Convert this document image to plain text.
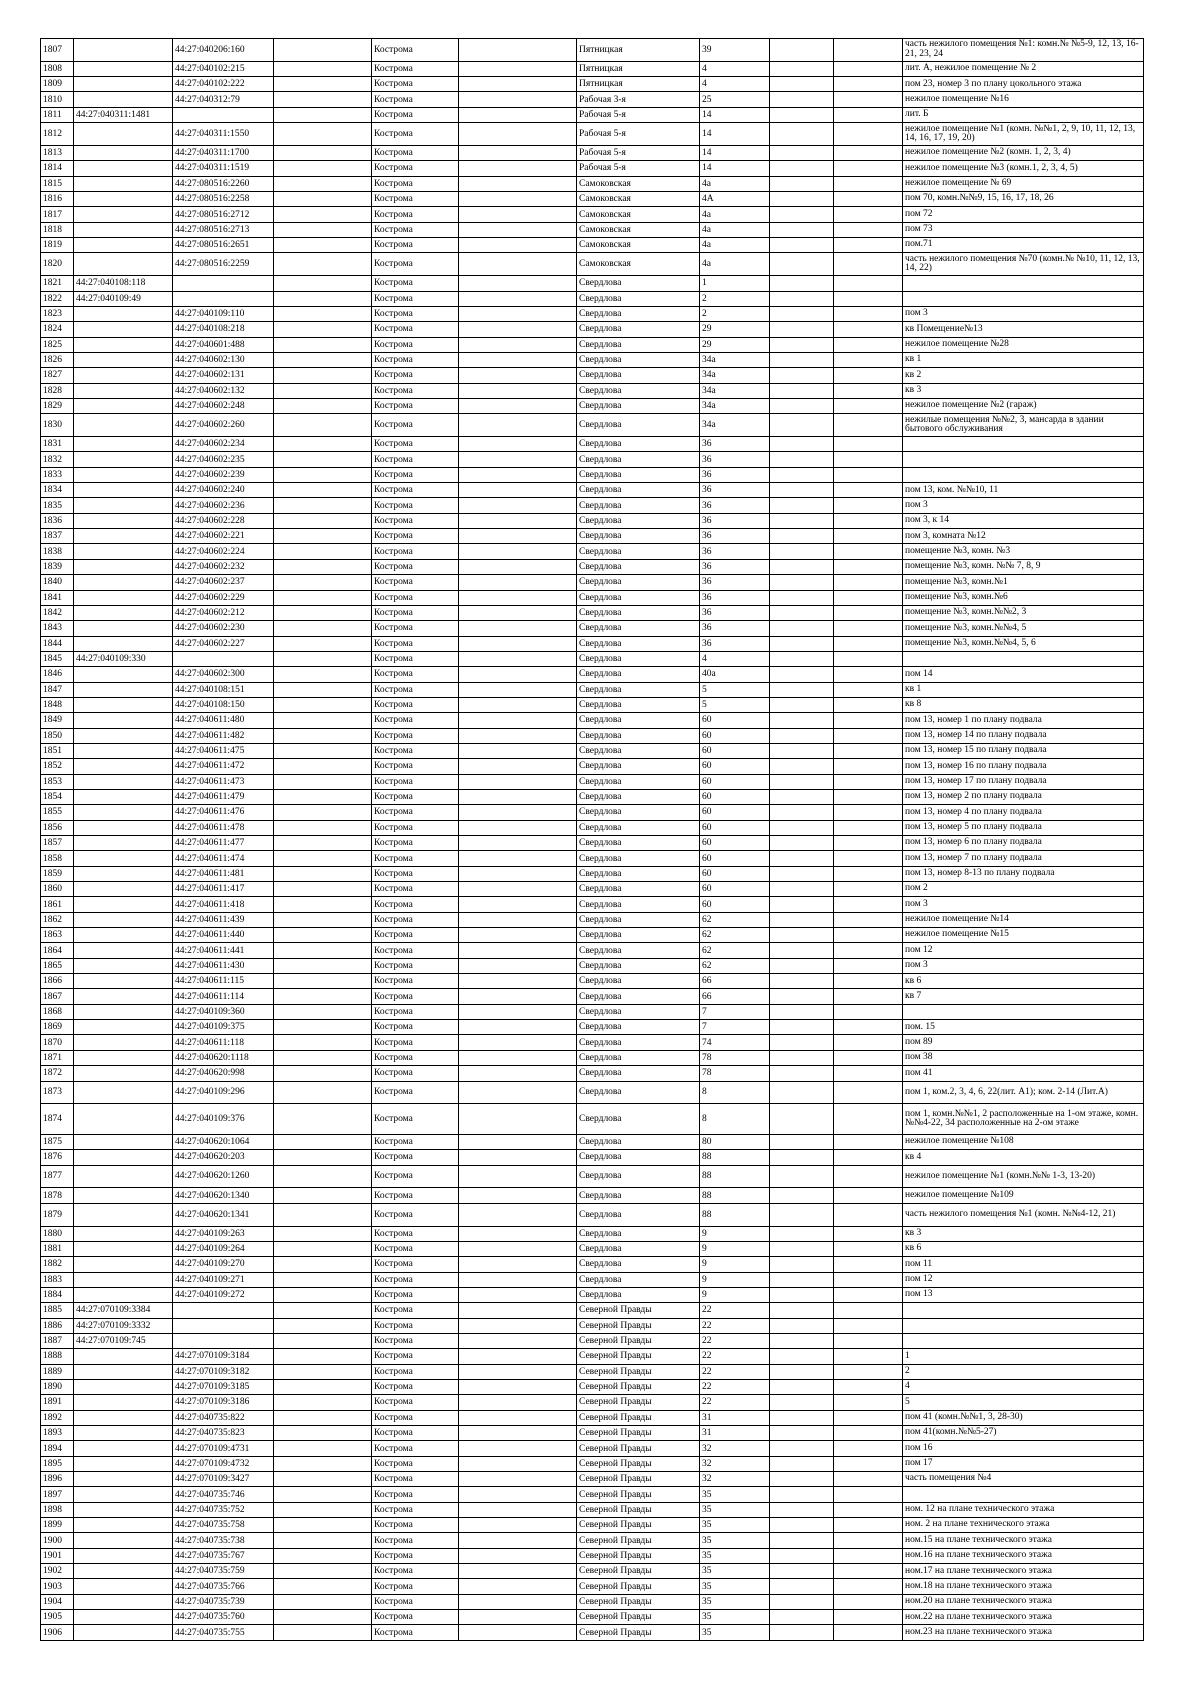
1807		44:27:040206:160		Кострома		Пятницкая	39			часть нежилого помещения №1: комн.№ №5-9, 12, 13, 16-21, 23, 24
1808		44:27:040102:215		Кострома		Пятницкая	4			лит. А, нежилое помещение № 2
1809		44:27:040102:222		Кострома		Пятницкая	4			пом 23, номер 3 по плану цокольного этажа
1810		44:27:040312:79		Кострома		Рабочая 3-я	25			нежилое помещение №16
1811	44:27:040311:1481			Кострома		Рабочая 5-я	14			лит. Б
1812		44:27:040311:1550		Кострома		Рабочая 5-я	14			нежилое помещение №1 (комн. №№1, 2, 9, 10, 11, 12, 13, 14, 16, 17, 19, 20)
1813		44:27:040311:1700		Кострома		Рабочая 5-я	14			нежилое помещение №2 (комн. 1, 2, 3, 4)
1814		44:27:040311:1519		Кострома		Рабочая 5-я	14			нежилое помещение №3 (комн.1, 2, 3, 4, 5)
1815		44:27:080516:2260		Кострома		Самоковская	4а			нежилое помещение № 69
1816		44:27:080516:2258		Кострома		Самоковская	4А			пом 70, комн.№№9, 15, 16, 17, 18, 26
1817		44:27:080516:2712		Кострома		Самоковская	4а			пом 72
1818		44:27:080516:2713		Кострома		Самоковская	4а			пом 73
1819		44:27:080516:2651		Кострома		Самоковская	4а			пом.71
1820		44:27:080516:2259		Кострома		Самоковская	4а			часть нежилого помещения №70 (комн.№ №10, 11, 12, 13, 14, 22)
1821	44:27:040108:118			Кострома		Свердлова	1			
1822	44:27:040109:49			Кострома		Свердлова	2			
1823		44:27:040109:110		Кострома		Свердлова	2			пом 3
1824		44:27:040108:218		Кострома		Свердлова	29			кв Помещение№13
1825		44:27:040601:488		Кострома		Свердлова	29			нежилое помещение №28
1826		44:27:040602:130		Кострома		Свердлова	34а			кв 1
1827		44:27:040602:131		Кострома		Свердлова	34а			кв 2
1828		44:27:040602:132		Кострома		Свердлова	34а			кв 3
1829		44:27:040602:248		Кострома		Свердлова	34а			нежилое помещение №2 (гараж)
1830		44:27:040602:260		Кострома		Свердлова	34а			нежилые помещения №№2, 3, мансарда в здании бытового обслуживания
1831		44:27:040602:234		Кострома		Свердлова	36			
1832		44:27:040602:235		Кострома		Свердлова	36			
1833		44:27:040602:239		Кострома		Свердлова	36			
1834		44:27:040602:240		Кострома		Свердлова	36			пом 13, ком. №№10, 11
1835		44:27:040602:236		Кострома		Свердлова	36			пом 3
1836		44:27:040602:228		Кострома		Свердлова	36			пом 3, к 14
1837		44:27:040602:221		Кострома		Свердлова	36			пом 3, комната №12
1838		44:27:040602:224		Кострома		Свердлова	36			помещение №3, комн. №3
1839		44:27:040602:232		Кострома		Свердлова	36			помещение №3, комн. №№ 7, 8, 9
1840		44:27:040602:237		Кострома		Свердлова	36			помещение №3, комн.№1
1841		44:27:040602:229		Кострома		Свердлова	36			помещение №3, комн.№6
1842		44:27:040602:212		Кострома		Свердлова	36			помещение №3, комн.№№2, 3
1843		44:27:040602:230		Кострома		Свердлова	36			помещение №3, комн.№№4, 5
1844		44:27:040602:227		Кострома		Свердлова	36			помещение №3, комн.№№4, 5, 6
1845	44:27:040109:330			Кострома		Свердлова	4			
1846		44:27:040602:300		Кострома		Свердлова	40а			пом 14
1847		44:27:040108:151		Кострома		Свердлова	5			кв 1
1848		44:27:040108:150		Кострома		Свердлова	5			кв 8
1849		44:27:040611:480		Кострома		Свердлова	60			пом 13, номер 1 по плану подвала
1850		44:27:040611:482		Кострома		Свердлова	60			пом 13, номер 14 по плану подвала
1851		44:27:040611:475		Кострома		Свердлова	60			пом 13, номер 15 по плану подвала
1852		44:27:040611:472		Кострома		Свердлова	60			пом 13, номер 16 по плану подвала
1853		44:27:040611:473		Кострома		Свердлова	60			пом 13, номер 17 по плану подвала
1854		44:27:040611:479		Кострома		Свердлова	60			пом 13, номер 2 по плану подвала
1855		44:27:040611:476		Кострома		Свердлова	60			пом 13, номер 4 по плану подвала
1856		44:27:040611:478		Кострома		Свердлова	60			пом 13, номер 5 по плану подвала
1857		44:27:040611:477		Кострома		Свердлова	60			пом 13, номер 6 по плану подвала
1858		44:27:040611:474		Кострома		Свердлова	60			пом 13, номер 7 по плану подвала
1859		44:27:040611:481		Кострома		Свердлова	60			пом 13, номер 8-13 по плану подвала
1860		44:27:040611:417		Кострома		Свердлова	60			пом 2
1861		44:27:040611:418		Кострома		Свердлова	60			пом 3
1862		44:27:040611:439		Кострома		Свердлова	62			нежилое помещение №14
1863		44:27:040611:440		Кострома		Свердлова	62			нежилое помещение №15
1864		44:27:040611:441		Кострома		Свердлова	62			пом 12
1865		44:27:040611:430		Кострома		Свердлова	62			пом 3
1866		44:27:040611:115		Кострома		Свердлова	66			кв 6
1867		44:27:040611:114		Кострома		Свердлова	66			кв 7
1868		44:27:040109:360		Кострома		Свердлова	7			
1869		44:27:040109:375		Кострома		Свердлова	7			пом. 15
1870		44:27:040611:118		Кострома		Свердлова	74			пом 89
1871		44:27:040620:1118		Кострома		Свердлова	78			пом 38
1872		44:27:040620:998		Кострома		Свердлова	78			пом 41
1873		44:27:040109:296		Кострома		Свердлова	8			пом 1, ком.2, 3, 4, 6, 22(лит. А1); ком. 2-14 (Лит.А)
1874		44:27:040109:376		Кострома		Свердлова	8			пом 1, комн.№№1, 2 расположенные на 1-ом этаже, комн.№№4-22, 34 расположенные на 2-ом этаже
1875		44:27:040620:1064		Кострома		Свердлова	80			нежилое помещение №108
1876		44:27:040620:203		Кострома		Свердлова	88			кв 4
1877		44:27:040620:1260		Кострома		Свердлова	88			нежилое помещение №1 (комн.№№ 1-3, 13-20)
1878		44:27:040620:1340		Кострома		Свердлова	88			нежилое помещение №109
1879		44:27:040620:1341		Кострома		Свердлова	88			часть нежилого помещения №1 (комн. №№4-12, 21)
1880		44:27:040109:263		Кострома		Свердлова	9			кв 3
1881		44:27:040109:264		Кострома		Свердлова	9			кв 6
1882		44:27:040109:270		Кострома		Свердлова	9			пом 11
1883		44:27:040109:271		Кострома		Свердлова	9			пом 12
1884		44:27:040109:272		Кострома		Свердлова	9			пом 13
1885	44:27:070109:3384			Кострома		Северной Правды	22			
1886	44:27:070109:3332			Кострома		Северной Правды	22			
1887	44:27:070109:745			Кострома		Северной Правды	22			
1888		44:27:070109:3184		Кострома		Северной Правды	22			1
1889		44:27:070109:3182		Кострома		Северной Правды	22			2
1890		44:27:070109:3185		Кострома		Северной Правды	22			4
1891		44:27:070109:3186		Кострома		Северной Правды	22			5
1892		44:27:040735:822		Кострома		Северной Правды	31			пом 41 (комн.№№1, 3, 28-30)
1893		44:27:040735:823		Кострома		Северной Правды	31			пом 41(комн.№№5-27)
1894		44:27:070109:4731		Кострома		Северной Правды	32			пом 16
1895		44:27:070109:4732		Кострома		Северной Правды	32			пом 17
1896		44:27:070109:3427		Кострома		Северной Правды	32			часть помещения №4
1897		44:27:040735:746		Кострома		Северной Правды	35			
1898		44:27:040735:752		Кострома		Северной Правды	35			ном. 12 на плане технического этажа
1899		44:27:040735:758		Кострома		Северной Правды	35			ном. 2 на плане технического этажа
1900		44:27:040735:738		Кострома		Северной Правды	35			ном.15 на плане технического этажа
1901		44:27:040735:767		Кострома		Северной Правды	35			ном.16 на плане технического этажа
1902		44:27:040735:759		Кострома		Северной Правды	35			ном.17 на плане технического этажа
1903		44:27:040735:766		Кострома		Северной Правды	35			ном.18 на плане технического этажа
1904		44:27:040735:739		Кострома		Северной Правды	35			ном.20 на плане технического этажа
1905		44:27:040735:760		Кострома		Северной Правды	35			ном.22 на плане технического этажа
1906		44:27:040735:755		Кострома		Северной Правды	35			ном.23 на плане технического этажа
